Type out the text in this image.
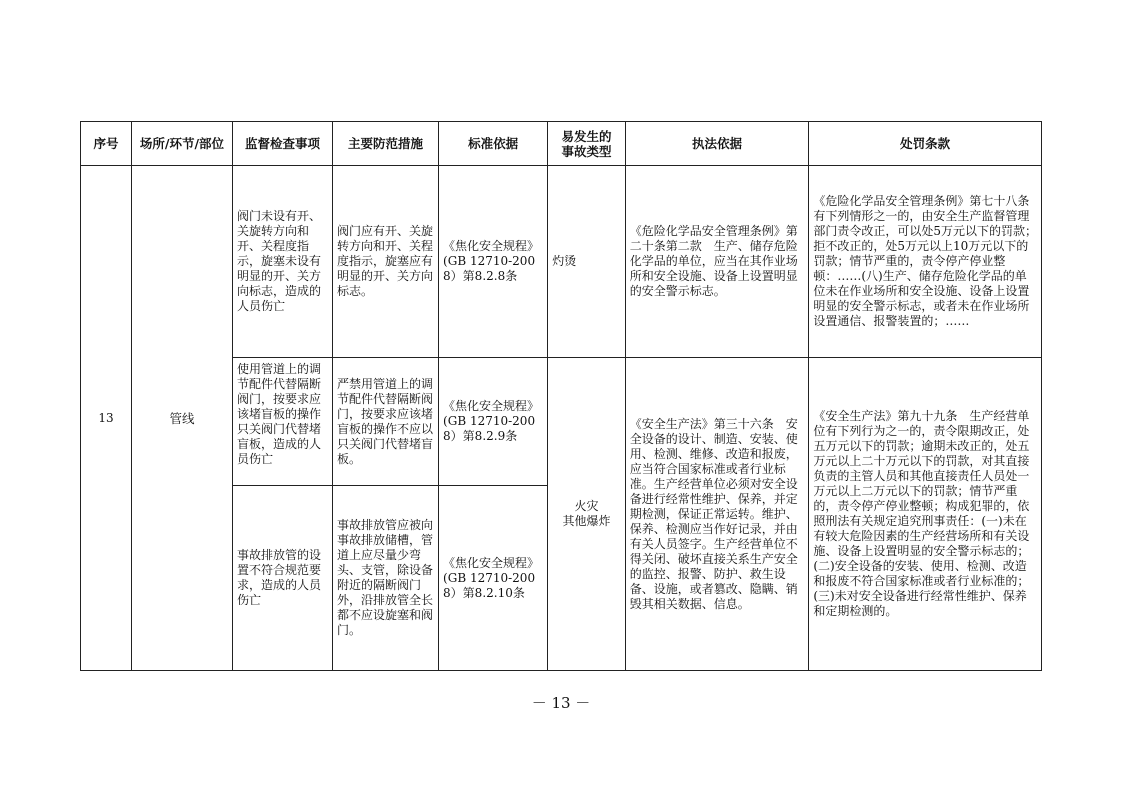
序号	场所/环节/部位	监督检查事项	主要防范措施	标准依据	易发生的
事故类型	执法依据	处罚条款
13	管线	阀门未设有开、关旋转方向和开、关程度指示，旋塞未设有明显的开、关方向标志，造成的人员伤亡	阀门应有开、关旋转方向和开、关程度指示，旋塞应有明显的开、关方向标志。	《焦化安全规程》(GB 12710-2008）第8.2.8条	灼烫	《危险化学品安全管理条例》第二十条第二款　生产、储存危险化学品的单位，应当在其作业场所和安全设施、设备上设置明显的安全警示标志。	《危险化学品安全管理条例》第七十八条　有下列情形之一的，由安全生产监督管理部门责令改正，可以处5万元以下的罚款；拒不改正的，处5万元以上10万元以下的罚款；情节严重的，责令停产停业整顿：……(八)生产、储存危险化学品的单位未在作业场所和安全设施、设备上设置明显的安全警示标志，或者未在作业场所设置通信、报警装置的；……
		使用管道上的调节配件代替隔断阀门，按要求应该堵盲板的操作只关阀门代替堵盲板，造成的人员伤亡	严禁用管道上的调节配件代替隔断阀门，按要求应该堵盲板的操作不应以只关阀门代替堵盲板。	《焦化安全规程》(GB 12710-2008）第8.2.9条	火灾
其他爆炸	《安全生产法》第三十六条　安全设备的设计、制造、安装、使用、检测、维修、改造和报废，应当符合国家标准或者行业标准。生产经营单位必须对安全设备进行经常性维护、保养，并定期检测，保证正常运转。维护、保养、检测应当作好记录，并由有关人员签字。生产经营单位不得关闭、破坏直接关系生产安全的监控、报警、防护、救生设备、设施，或者篡改、隐瞒、销毁其相关数据、信息。	《安全生产法》第九十九条　生产经营单位有下列行为之一的，责令限期改正，处五万元以下的罚款；逾期未改正的，处五万元以上二十万元以下的罚款，对其直接负责的主管人员和其他直接责任人员处一万元以上二万元以下的罚款；情节严重的，责令停产停业整顿；构成犯罪的，依照刑法有关规定追究刑事责任：(一)未在有较大危险因素的生产经营场所和有关设施、设备上设置明显的安全警示标志的；
(二)安全设备的安装、使用、检测、改造和报废不符合国家标准或者行业标准的；(三)未对安全设备进行经常性维护、保养和定期检测的。
		事故排放管的设置不符合规范要求，造成的人员伤亡	事故排放管应被向事故排放储槽，管道上应尽量少弯头、支管，除设备附近的隔断阀门外，沿排放管全长都不应设旋塞和阀门。	《焦化安全规程》(GB 12710-2008）第8.2.10条			
－ 13 －
